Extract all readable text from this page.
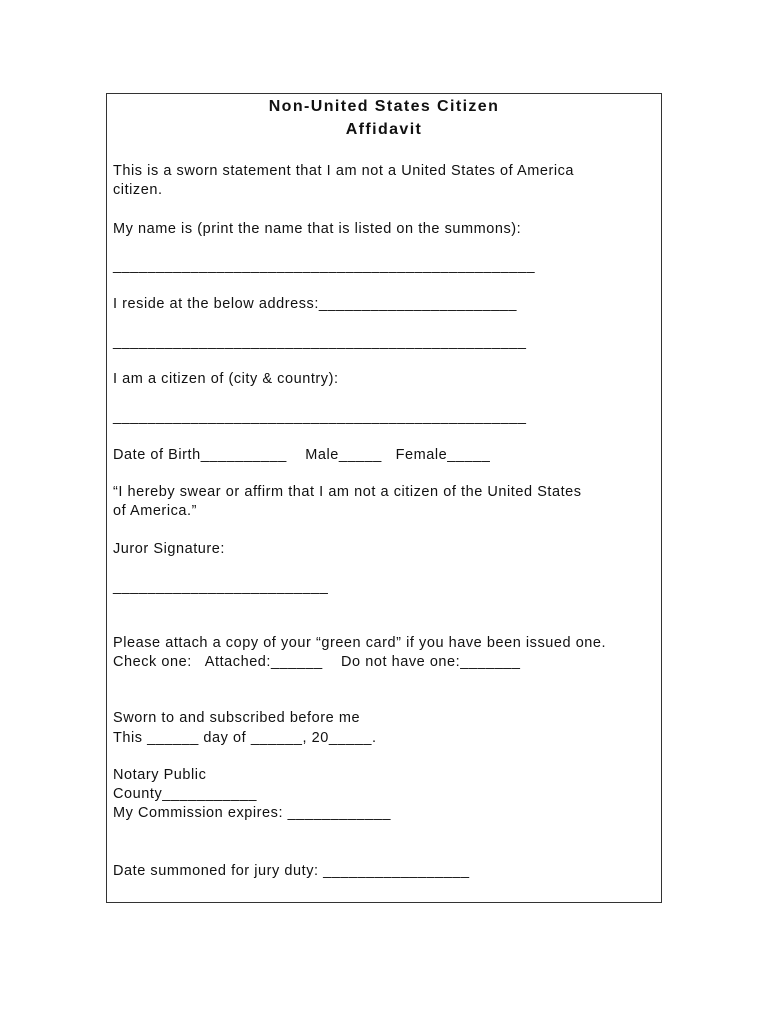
Non-United States Citizen
Affidavit

This is a sworn statement that I am not a United States of America

citizen.

My name is (print the name that is listed on the summons):

_________________________________________________

I reside at the below address:_______________________

________________________________________________

I am a citizen of (city & country):

________________________________________________

Date of Birth__________    Male_____   Female_____

“I hereby swear or affirm that I am not a citizen of the United States

of America.”

Juror Signature:

_________________________

Please attach a copy of your “green card” if you have been issued one.

Check one:   Attached:______    Do not have one:_______

Sworn to and subscribed before me

This ______ day of ______, 20_____.

Notary Public

County___________

My Commission expires: ____________

Date summoned for jury duty: _________________
